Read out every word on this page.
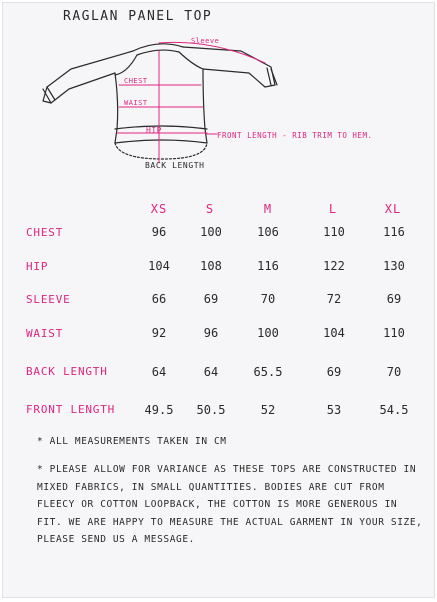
RAGLAN PANEL TOP
Sleeve
CHEST
WAIST
HIP
FRONT LENGTH - RIB TRIM TO HEM.
BACK LENGTH
XS	S	M	L	XL
CHEST	96	100	106	110	116
HIP	104	108	116	122	130
SLEEVE	66	69	70	72	69
WAIST	92	96	100	104	110
BACK LENGTH	64	64	65.5	69	70
FRONT LENGTH	49.5	50.5	52	53	54.5
* ALL MEASUREMENTS TAKEN IN CM
* PLEASE ALLOW FOR VARIANCE AS THESE TOPS ARE CONSTRUCTED IN MIXED FABRICS, IN SMALL QUANTITIES. BODIES ARE CUT FROM FLEECY OR COTTON LOOPBACK, THE COTTON IS MORE GENEROUS IN FIT. WE ARE HAPPY TO MEASURE THE ACTUAL GARMENT IN YOUR SIZE, PLEASE SEND US A MESSAGE.
